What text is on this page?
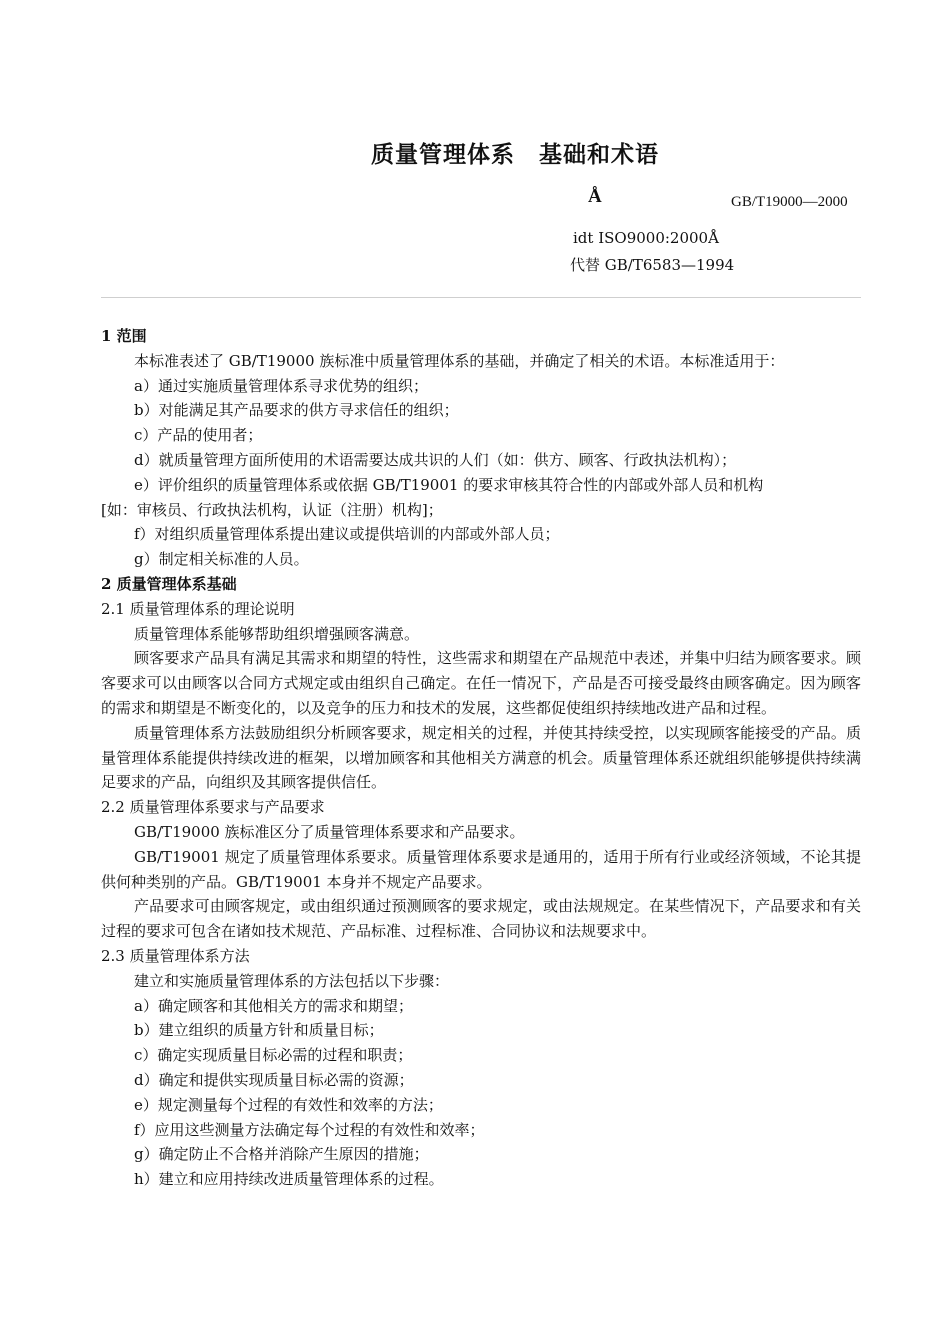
质量管理体系　基础和术语
Å	GB/T19000—2000
idt ISO9000:2000Å
代替 GB/T6583—1994

1 范围

本标准表述了 GB/T19000 族标准中质量管理体系的基础，并确定了相关的术语。本标准适用于：

a）通过实施质量管理体系寻求优势的组织；

b）对能满足其产品要求的供方寻求信任的组织；

c）产品的使用者；

d）就质量管理方面所使用的术语需要达成共识的人们（如：供方、顾客、行政执法机构）；

e）评价组织的质量管理体系或依据 GB/T19001 的要求审核其符合性的内部或外部人员和机构

[如：审核员、行政执法机构，认证（注册）机构]；

f）对组织质量管理体系提出建议或提供培训的内部或外部人员；

g）制定相关标准的人员。

2 质量管理体系基础

2.1 质量管理体系的理论说明

质量管理体系能够帮助组织增强顾客满意。

顾客要求产品具有满足其需求和期望的特性，这些需求和期望在产品规范中表述，并集中归结为顾客要求。顾客要求可以由顾客以合同方式规定或由组织自己确定。在任一情况下，产品是否可接受最终由顾客确定。因为顾客的需求和期望是不断变化的，以及竞争的压力和技术的发展，这些都促使组织持续地改进产品和过程。

质量管理体系方法鼓励组织分析顾客要求，规定相关的过程，并使其持续受控，以实现顾客能接受的产品。质量管理体系能提供持续改进的框架，以增加顾客和其他相关方满意的机会。质量管理体系还就组织能够提供持续满足要求的产品，向组织及其顾客提供信任。

2.2 质量管理体系要求与产品要求

GB/T19000 族标准区分了质量管理体系要求和产品要求。

GB/T19001 规定了质量管理体系要求。质量管理体系要求是通用的，适用于所有行业或经济领域，不论其提供何种类别的产品。GB/T19001 本身并不规定产品要求。

产品要求可由顾客规定，或由组织通过预测顾客的要求规定，或由法规规定。在某些情况下，产品要求和有关过程的要求可包含在诸如技术规范、产品标准、过程标准、合同协议和法规要求中。

2.3 质量管理体系方法

建立和实施质量管理体系的方法包括以下步骤：

a）确定顾客和其他相关方的需求和期望；

b）建立组织的质量方针和质量目标；

c）确定实现质量目标必需的过程和职责；

d）确定和提供实现质量目标必需的资源；

e）规定测量每个过程的有效性和效率的方法；

f）应用这些测量方法确定每个过程的有效性和效率；

g）确定防止不合格并消除产生原因的措施；

h）建立和应用持续改进质量管理体系的过程。
